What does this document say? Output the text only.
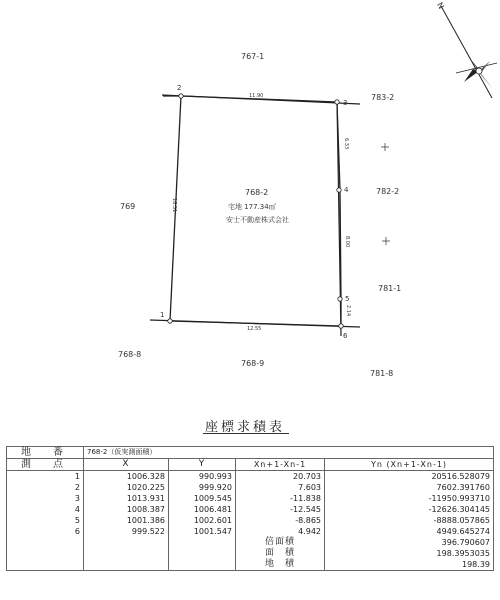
N
767-1
769
783-2
782-2
781-1
768-8
768-9
781-8
768-2
宅地 177.34㎡
安士不動産株式会社
1
2
3
4
5
6
11.90
16.51
6.33
8.00
2.14
12.55
座標求積表
地　番	768-2（仮実測面積）			
測　点	X	Y	Xn+1-Xn-1	Yn (Xn+1-Xn-1)
1	1006.328	990.993	20.703	20516.528079
2	1020.225	999.920	7.603	7602.391760
3	1013.931	1009.545	-11.838	-11950.993710
4	1008.387	1006.481	-12.545	-12626.304145
5	1001.386	1002.601	-8.865	-8888.057865
6	999.522	1001.547	4.942	4949.645274
			倍面積	396.790607
			面　積	198.3953035
			地　積	198.39
